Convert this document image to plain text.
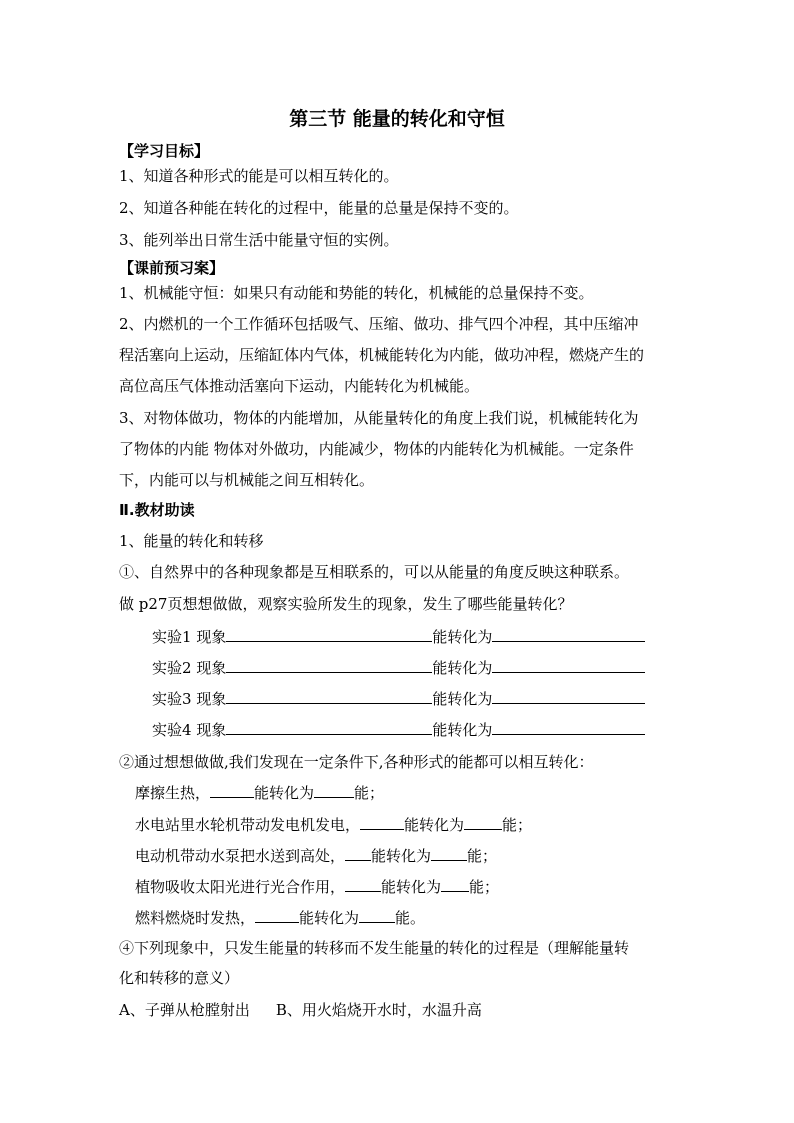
第三节 能量的转化和守恒
【学习目标】
1、知道各种形式的能是可以相互转化的。
2、知道各种能在转化的过程中，能量的总量是保持不变的。
3、能列举出日常生活中能量守恒的实例。
【课前预习案】
1、机械能守恒：如果只有动能和势能的转化，机械能的总量保持不变。
2、内燃机的一个工作循环包括吸气、压缩、做功、排气四个冲程，其中压缩冲
程活塞向上运动，压缩缸体内气体，机械能转化为内能，做功冲程，燃烧产生的
高位高压气体推动活塞向下运动，内能转化为机械能。
3、对物体做功，物体的内能增加，从能量转化的角度上我们说，机械能转化为
了物体的内能 物体对外做功，内能减少，物体的内能转化为机械能。一定条件
下，内能可以与机械能之间互相转化。
Ⅱ.教材助读
1、能量的转化和转移
①、自然界中的各种现象都是互相联系的，可以从能量的角度反映这种联系。
做 p27页想想做做，观察实验所发生的现象，发生了哪些能量转化？
实验1 现象	能转化为
实验2 现象	能转化为
实验3 现象	能转化为
实验4 现象	能转化为
②通过想想做做,我们发现在一定条件下,各种形式的能都可以相互转化：
摩擦生热，	能转化为	能；
水电站里水轮机带动发电机发电，	能转化为	能；
电动机带动水泵把水送到高处， 能转化为 能；
植物吸收太阳光进行光合作用， 能转化为 能；
燃料燃烧时发热，	能转化为 能。
④下列现象中，只发生能量的转移而不发生能量的转化的过程是（理解能量转
化和转移的意义）
A、子弹从枪膛射出 B、用火焰烧开水时，水温升高
